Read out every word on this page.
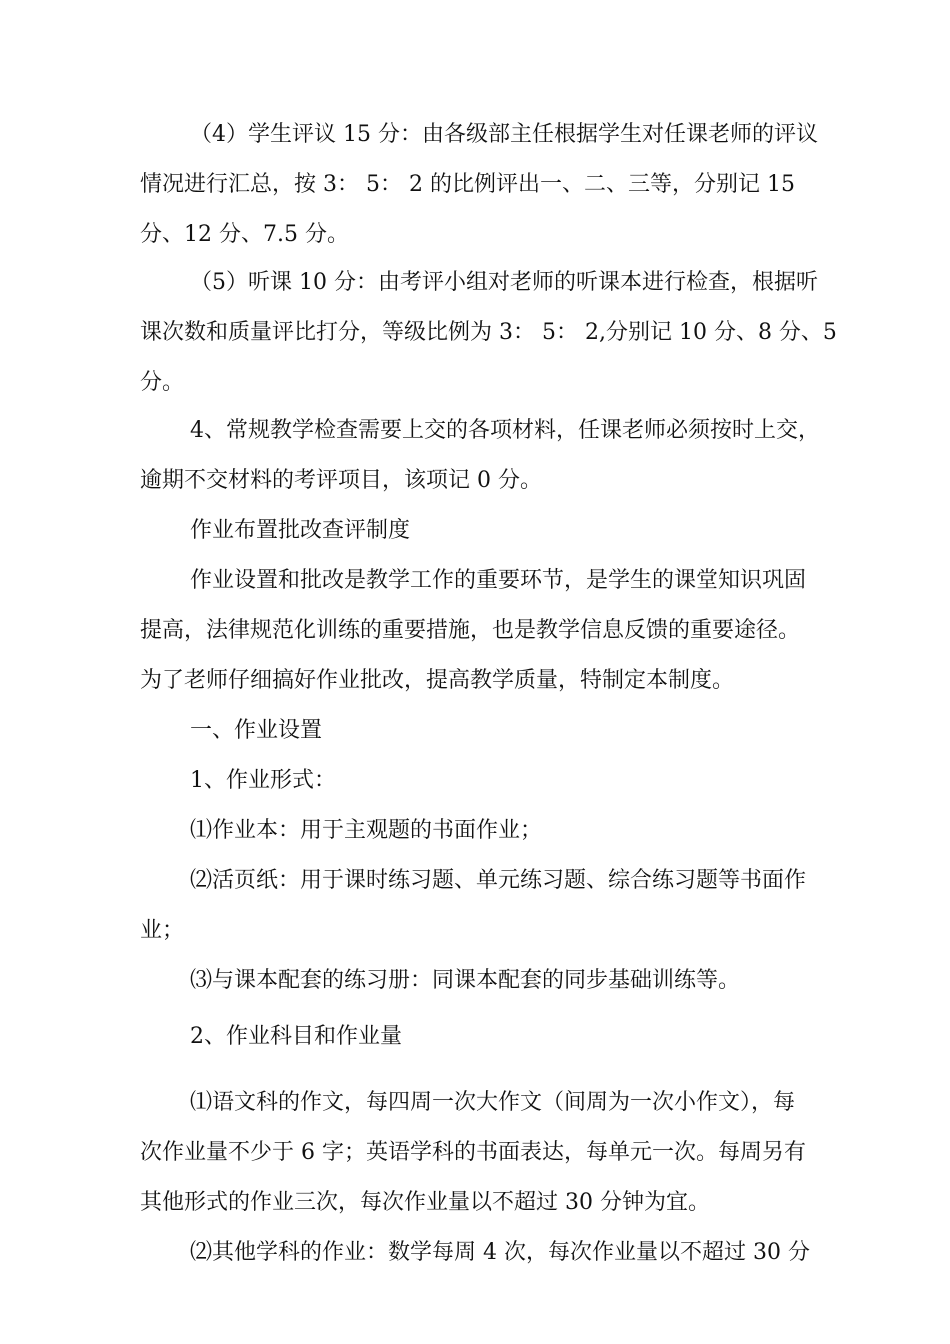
（4）学生评议 15 分：由各级部主任根据学生对任课老师的评议
情况进行汇总，按 3： 5： 2 的比例评出一、二、三等，分别记 15
分、12 分、7.5 分。
（5）听课 10 分：由考评小组对老师的听课本进行检查，根据听
课次数和质量评比打分，等级比例为 3： 5： 2,分别记 10 分、8 分、5
分。
4、常规教学检查需要上交的各项材料，任课老师必须按时上交，
逾期不交材料的考评项目，该项记 0 分。
作业布置批改查评制度
作业设置和批改是教学工作的重要环节，是学生的课堂知识巩固
提高，法律规范化训练的重要措施，也是教学信息反馈的重要途径。
为了老师仔细搞好作业批改，提高教学质量，特制定本制度。
一、作业设置
1、作业形式：
⑴作业本：用于主观题的书面作业；
⑵活页纸：用于课时练习题、单元练习题、综合练习题等书面作
业；
⑶与课本配套的练习册：同课本配套的同步基础训练等。
2、作业科目和作业量
⑴语文科的作文，每四周一次大作文（间周为一次小作文），每
次作业量不少于 6 字；英语学科的书面表达，每单元一次。每周另有
其他形式的作业三次，每次作业量以不超过 30 分钟为宜。
⑵其他学科的作业：数学每周 4 次，每次作业量以不超过 30 分
